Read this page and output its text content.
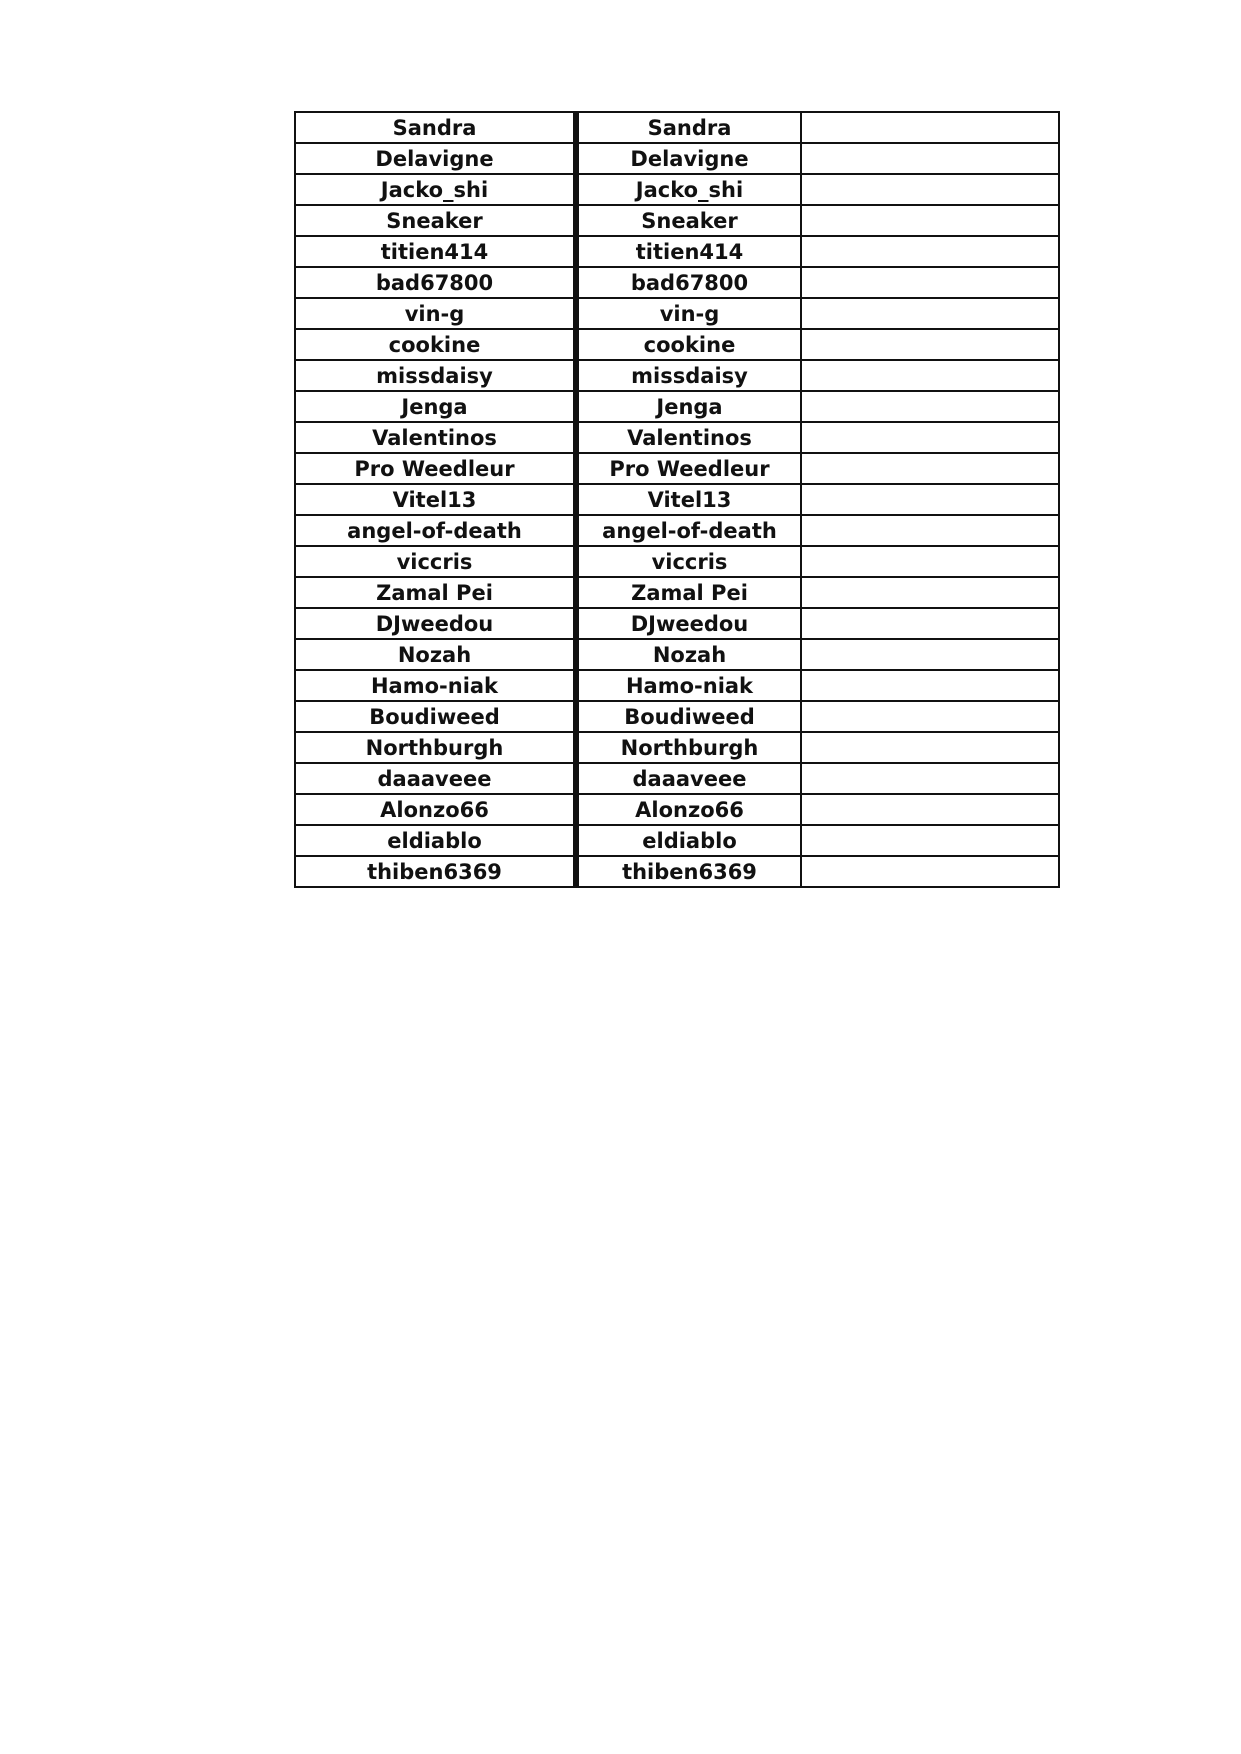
Sandra	Sandra	
Delavigne	Delavigne	
Jacko_shi	Jacko_shi	
Sneaker	Sneaker	
titien414	titien414	
bad67800	bad67800	
vin-g	vin-g	
cookine	cookine	
missdaisy	missdaisy	
Jenga	Jenga	
Valentinos	Valentinos	
Pro Weedleur	Pro Weedleur	
Vitel13	Vitel13	
angel-of-death	angel-of-death	
viccris	viccris	
Zamal Pei	Zamal Pei	
DJweedou	DJweedou	
Nozah	Nozah	
Hamo-niak	Hamo-niak	
Boudiweed	Boudiweed	
Northburgh	Northburgh	
daaaveee	daaaveee	
Alonzo66	Alonzo66	
eldiablo	eldiablo	
thiben6369	thiben6369	
